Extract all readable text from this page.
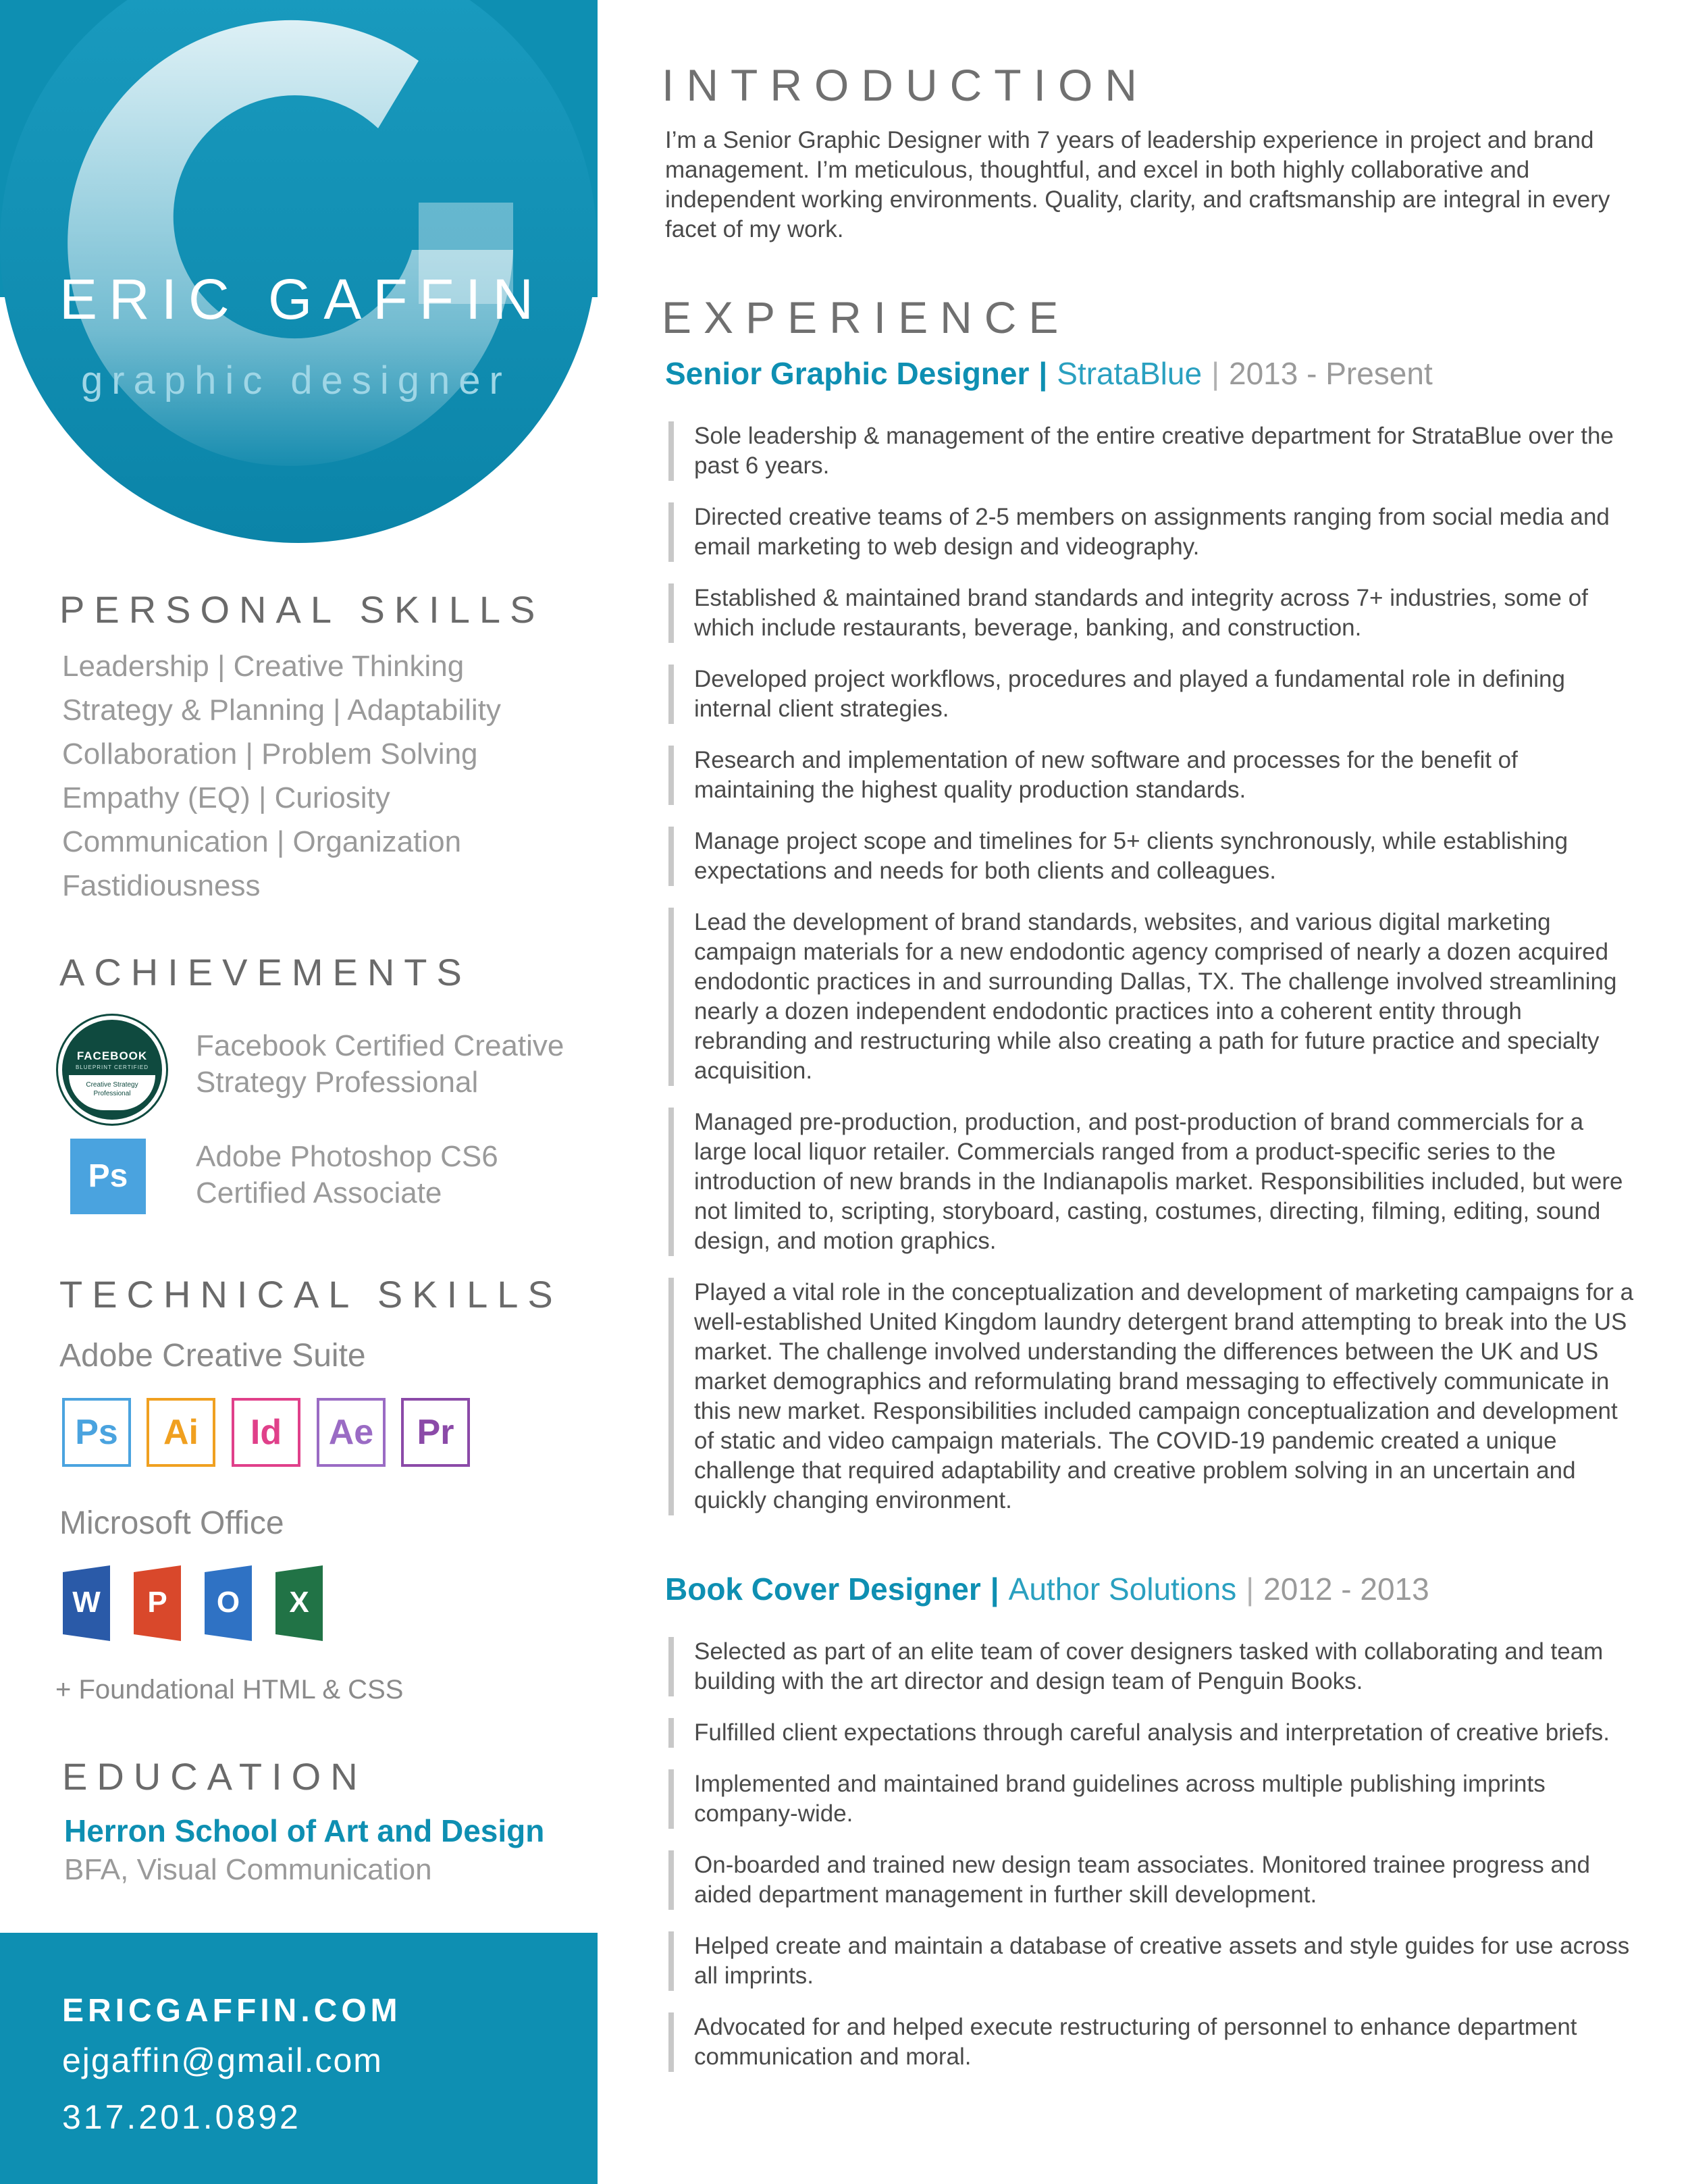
ERIC GAFFIN
graphic designer
PERSONAL SKILLS
Leadership | Creative Thinking
Strategy & Planning | Adaptability
Collaboration | Problem Solving
Empathy (EQ) | Curiosity
Communication | Organization
Fastidiousness
ACHIEVEMENTS
FACEBOOK
BLUEPRINT CERTIFIED
Creative Strategy Professional
Facebook Certified Creative
Strategy Professional
Ps
Adobe Photoshop CS6
Certified Associate
TECHNICAL SKILLS
Adobe Creative Suite
Ps	Ai	Id	Ae	Pr
Microsoft Office
W	P	O	X
+ Foundational HTML & CSS
EDUCATION
Herron School of Art and Design
BFA, Visual Communication
ERICGAFFIN.COM
ejgaffin@gmail.com
317.201.0892
INTRODUCTION
I’m a Senior Graphic Designer with 7 years of leadership experience in project and brand management. I’m meticulous, thoughtful, and excel in both highly collaborative and independent working environments. Quality, clarity, and craftsmanship are integral in every facet of my work.
EXPERIENCE
Senior Graphic Designer | StrataBlue | 2013 - Present
Sole leadership & management of the entire creative department for StrataBlue over the past 6 years.
Directed creative teams of 2-5 members on assignments ranging from social media and email marketing to web design and videography.
Established & maintained brand standards and integrity across 7+ industries, some of which include restaurants, beverage, banking, and construction.
Developed project workflows, procedures and played a fundamental role in defining internal client strategies.
Research and implementation of new software and processes for the benefit of maintaining the highest quality production standards.
Manage project scope and timelines for 5+ clients synchronously, while establishing expectations and needs for both clients and colleagues.
Lead the development of brand standards, websites, and various digital marketing campaign materials for a new endodontic agency comprised of nearly a dozen acquired endodontic practices in and surrounding Dallas, TX. The challenge involved streamlining nearly a dozen independent endodontic practices into a coherent entity through rebranding and restructuring while also creating a path for future practice and specialty acquisition.
Managed pre-production, production, and post-production of brand commercials for a large local liquor retailer. Commercials ranged from a product-specific series to the introduction of new brands in the Indianapolis market. Responsibilities included, but were not limited to, scripting, storyboard, casting, costumes, directing, filming, editing, sound design, and motion graphics.
Played a vital role in the conceptualization and development of marketing campaigns for a well-established United Kingdom laundry detergent brand attempting to break into the US market. The challenge involved understanding the differences between the UK and US market demographics and reformulating brand messaging to effectively communicate in this new market. Responsibilities included campaign conceptualization and development of static and video campaign materials. The COVID-19 pandemic created a unique challenge that required adaptability and creative problem solving in an uncertain and quickly changing environment.
Book Cover Designer | Author Solutions | 2012 - 2013
Selected as part of an elite team of cover designers tasked with collaborating and team building with the art director and design team of Penguin Books.
Fulfilled client expectations through careful analysis and interpretation of creative briefs.
Implemented and maintained brand guidelines across multiple publishing imprints company-wide.
On-boarded and trained new design team associates. Monitored trainee progress and aided department management in further skill development.
Helped create and maintain a database of creative assets and style guides for use across all imprints.
Advocated for and helped execute restructuring of personnel to enhance department communication and moral.
